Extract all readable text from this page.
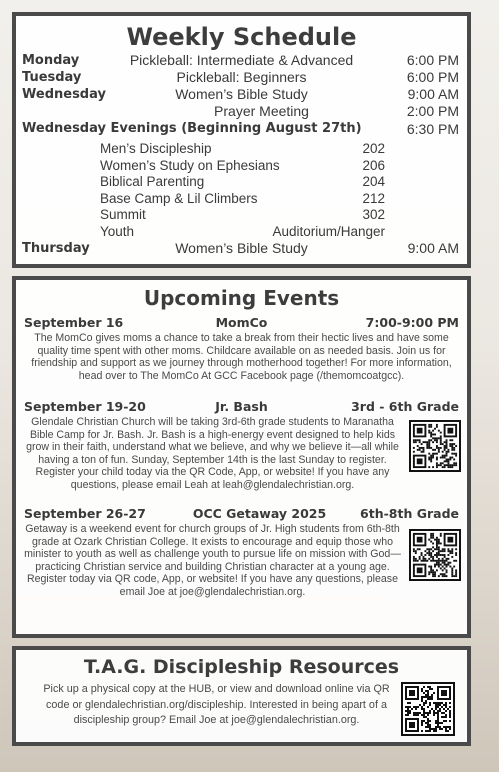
Weekly Schedule
Monday	Pickleball: Intermediate & Advanced	6:00 PM
Tuesday	Pickleball: Beginners	6:00 PM
Wednesday	Women’s Bible Study	9:00 AM
Prayer Meeting	2:00 PM
Wednesday Evenings (Beginning August 27th)	6:30 PM
Men’s Discipleship	202
Women’s Study on Ephesians	206
Biblical Parenting	204
Base Camp & Lil Climbers	212
Summit	302
Youth	Auditorium/Hanger
Thursday	Women’s Bible Study	9:00 AM
Upcoming Events
September 16	MomCo	7:00-9:00 PM

The MomCo gives moms a chance to take a break from their hectic lives and have some quality time spent with other moms. Childcare available on as needed basis. Join us for friendship and support as we journey through motherhood together! For more information, head over to The MomCo At GCC Facebook page (/themomcoatgcc).

September 19-20	Jr. Bash	3rd - 6th Grade

Glendale Christian Church will be taking 3rd-6th grade students to Maranatha Bible Camp for Jr. Bash. Jr. Bash is a high-energy event designed to help kids grow in their faith, understand what we believe, and why we believe it—all while having a ton of fun. Sunday, September 14th is the last Sunday to register. Register your child today via the QR Code, App, or website! If you have any questions, please email Leah at leah@glendalechristian.org.

September 26-27	OCC Getaway 2025	6th-8th Grade

Getaway is a weekend event for church groups of Jr. High students from 6th-8th grade at Ozark Christian College. It exists to encourage and equip those who minister to youth as well as challenge youth to pursue life on mission with God—practicing Christian service and building Christian character at a young age. Register today via QR code, App, or website! If you have any questions, please email Joe at joe@glendalechristian.org.

T.A.G. Discipleship Resources

Pick up a physical copy at the HUB, or view and download online via QR code or glendalechristian.org/discipleship. Interested in being apart of a discipleship group? Email Joe at joe@glendalechristian.org.
